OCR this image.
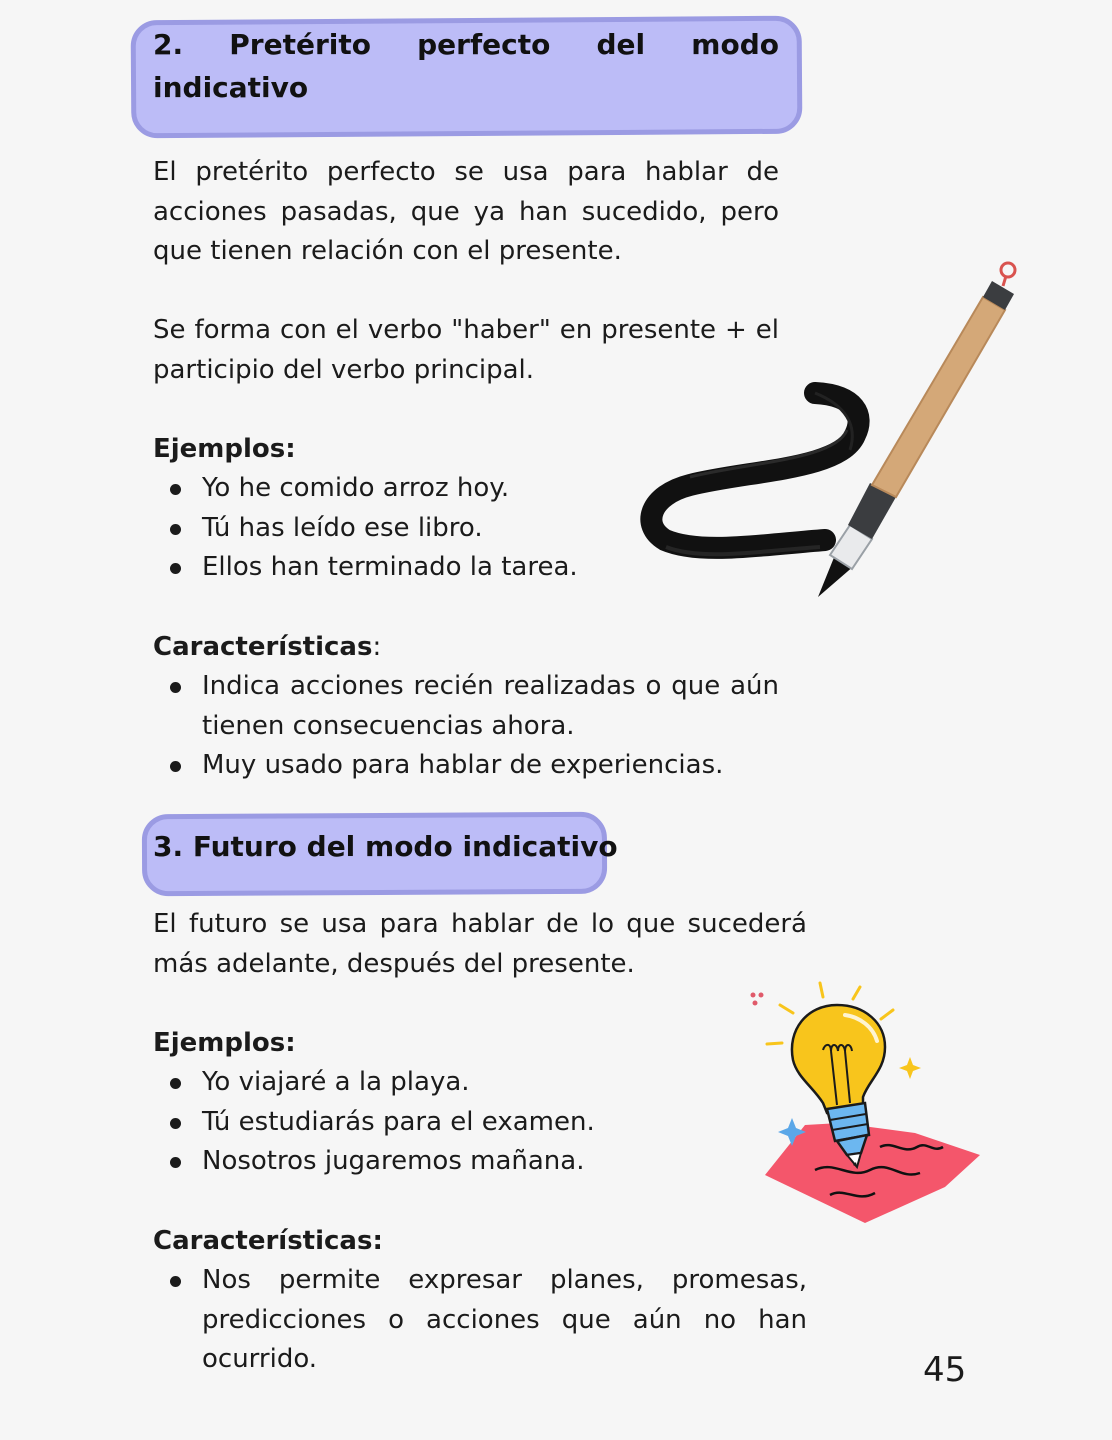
2. Pretérito perfecto del modo
indicativo
El pretérito perfecto se usa para hablar de acciones pasadas, que ya han sucedido, pero que tienen relación con el presente.
Se forma con el verbo "haber" en presente + el participio del verbo principal.
Ejemplos:
Yo he comido arroz hoy.
Tú has leído ese libro.
Ellos han terminado la tarea.
Características:
Indica acciones recién realizadas o que aún tienen consecuencias ahora.
Muy usado para hablar de experiencias.
3. Futuro del modo indicativo
El futuro se usa para hablar de lo que sucederá más adelante, después del presente.
Ejemplos:
Yo viajaré a la playa.
Tú estudiarás para el examen.
Nosotros jugaremos mañana.
Características:
Nos permite expresar planes, promesas, predicciones o acciones que aún no han ocurrido.	45
